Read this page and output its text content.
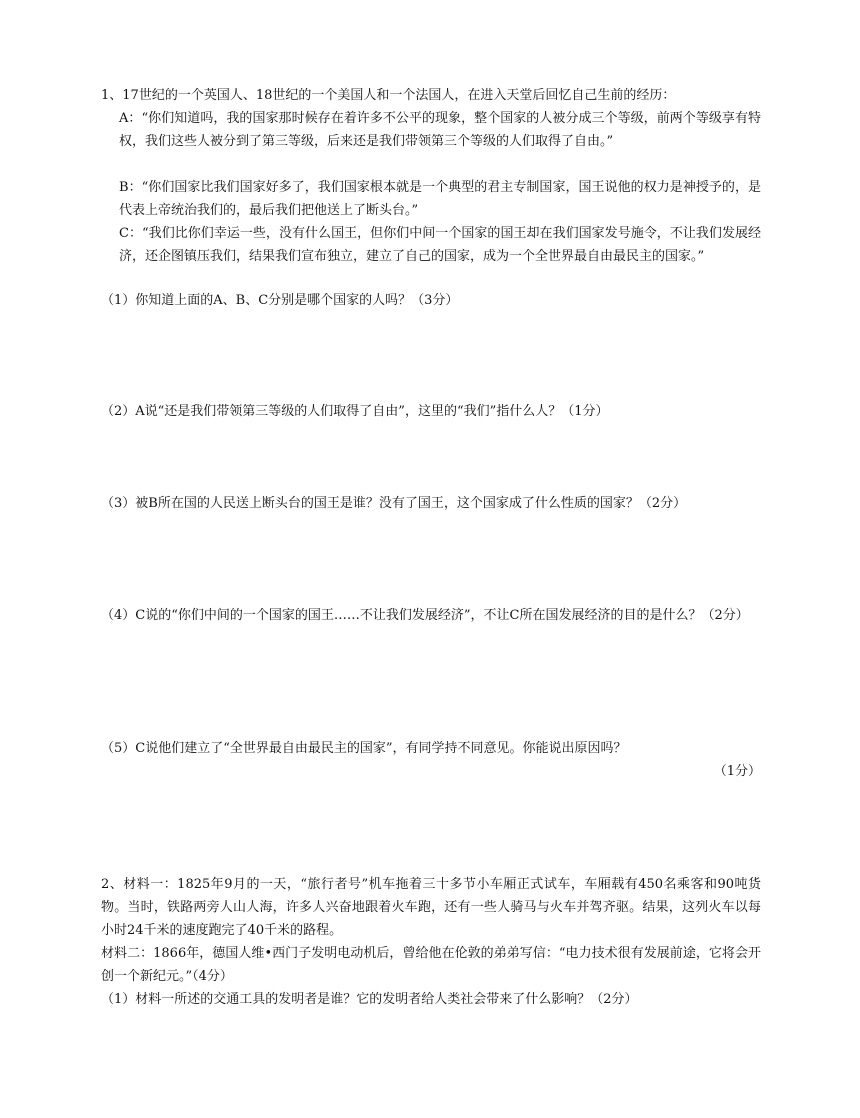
1、17世纪的一个英国人、18世纪的一个美国人和一个法国人，在进入天堂后回忆自己生前的经历：

A：“你们知道吗，我的国家那时候存在着许多不公平的现象，整个国家的人被分成三个等级，前两个等级享有特权，我们这些人被分到了第三等级，后来还是我们带领第三个等级的人们取得了自由。”

B：“你们国家比我们国家好多了，我们国家根本就是一个典型的君主专制国家，国王说他的权力是神授予的，是代表上帝统治我们的，最后我们把他送上了断头台。”

C：“我们比你们幸运一些，没有什么国王，但你们中间一个国家的国王却在我们国家发号施令，不让我们发展经济，还企图镇压我们，结果我们宣布独立，建立了自己的国家，成为一个全世界最自由最民主的国家。”

（1）你知道上面的A、B、C分别是哪个国家的人吗？（3分）

（2）A说“还是我们带领第三等级的人们取得了自由”，这里的“我们”指什么人？（1分）

（3）被B所在国的人民送上断头台的国王是谁？没有了国王，这个国家成了什么性质的国家？（2分）

（4）C说的“你们中间的一个国家的国王……不让我们发展经济”，不让C所在国发展经济的目的是什么？（2分）

（5）C说他们建立了“全世界最自由最民主的国家”，有同学持不同意见。你能说出原因吗？

（1分）

2、材料一：1825年9月的一天，“旅行者号”机车拖着三十多节小车厢正式试车，车厢载有450名乘客和90吨货物。当时，铁路两旁人山人海，许多人兴奋地跟着火车跑，还有一些人骑马与火车并驾齐驱。结果，这列火车以每小时24千米的速度跑完了40千米的路程。

材料二：1866年，德国人维•西门子发明电动机后，曾给他在伦敦的弟弟写信：“电力技术很有发展前途，它将会开创一个新纪元。”（4分）

（1）材料一所述的交通工具的发明者是谁？它的发明者给人类社会带来了什么影响？（2分）
